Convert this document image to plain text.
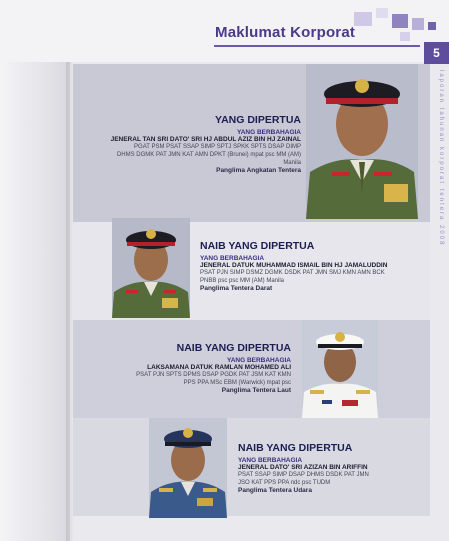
Maklumat Korporat
5
laporan tahunan korporat tentera 2008
YANG DIPERTUA
YANG BERBAHAGIA
JENERAL TAN SRI DATO' SRI HJ ABDUL AZIZ BIN HJ ZAINAL
PGAT PSM PSAT SSAP SIMP SPTJ SPKK SPTS DSAP DIMP
DHMS DGMK PAT JMN KAT AMN DPKT (Brunei) mpat psc MM (AM)
Manila
Panglima Angkatan Tentera
NAIB YANG DIPERTUA
YANG BERBAHAGIA
JENERAL DATUK MUHAMMAD ISMAIL BIN HJ JAMALUDDIN
PSAT PJN SIMP DSMZ DGMK DSDK PAT JMN SMJ KMN AMN BCK
PNBB psc psc MM (AM) Manila
Panglima Tentera Darat
NAIB YANG DIPERTUA
YANG BERBAHAGIA
LAKSAMANA DATUK RAMLAN MOHAMED ALI
PSAT PJN SPTS DPMS DSAP PGDK PAT JSM KAT KMN
PPS PPA MSc EBM (Warwick) mpat psc
Panglima Tentera Laut
NAIB YANG DIPERTUA
YANG BERBAHAGIA
JENERAL DATO' SRI AZIZAN BIN ARIFFIN
PSAT SSAP SIMP DSAP DHMS DSDK PAT JMN
JSO KAT PPS PPA ndc psc TUDM
Panglima Tentera Udara
